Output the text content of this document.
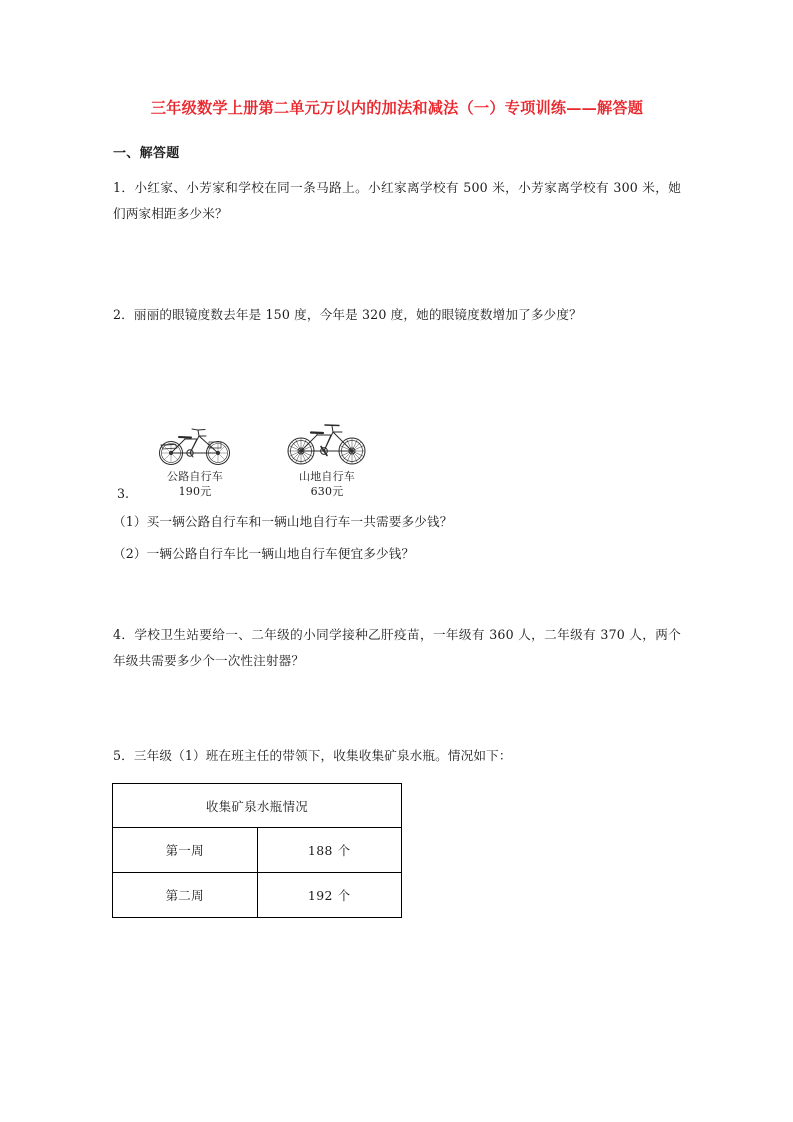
三年级数学上册第二单元万以内的加法和减法（一）专项训练——解答题
一、解答题

1．小红家、小芳家和学校在同一条马路上。小红家离学校有 500 米，小芳家离学校有 300 米，她们两家相距多少米？

2．丽丽的眼镜度数去年是 150 度，今年是 320 度，她的眼镜度数增加了多少度？

3.
公路自行车
190元
山地自行车
630元

（1）买一辆公路自行车和一辆山地自行车一共需要多少钱？

（2）一辆公路自行车比一辆山地自行车便宜多少钱？

4．学校卫生站要给一、二年级的小同学接种乙肝疫苗，一年级有 360 人，二年级有 370 人，两个年级共需要多少个一次性注射器？

5．三年级（1）班在班主任的带领下，收集收集矿泉水瓶。情况如下：

收集矿泉水瓶情况	
第一周	188 个
第二周	192 个
